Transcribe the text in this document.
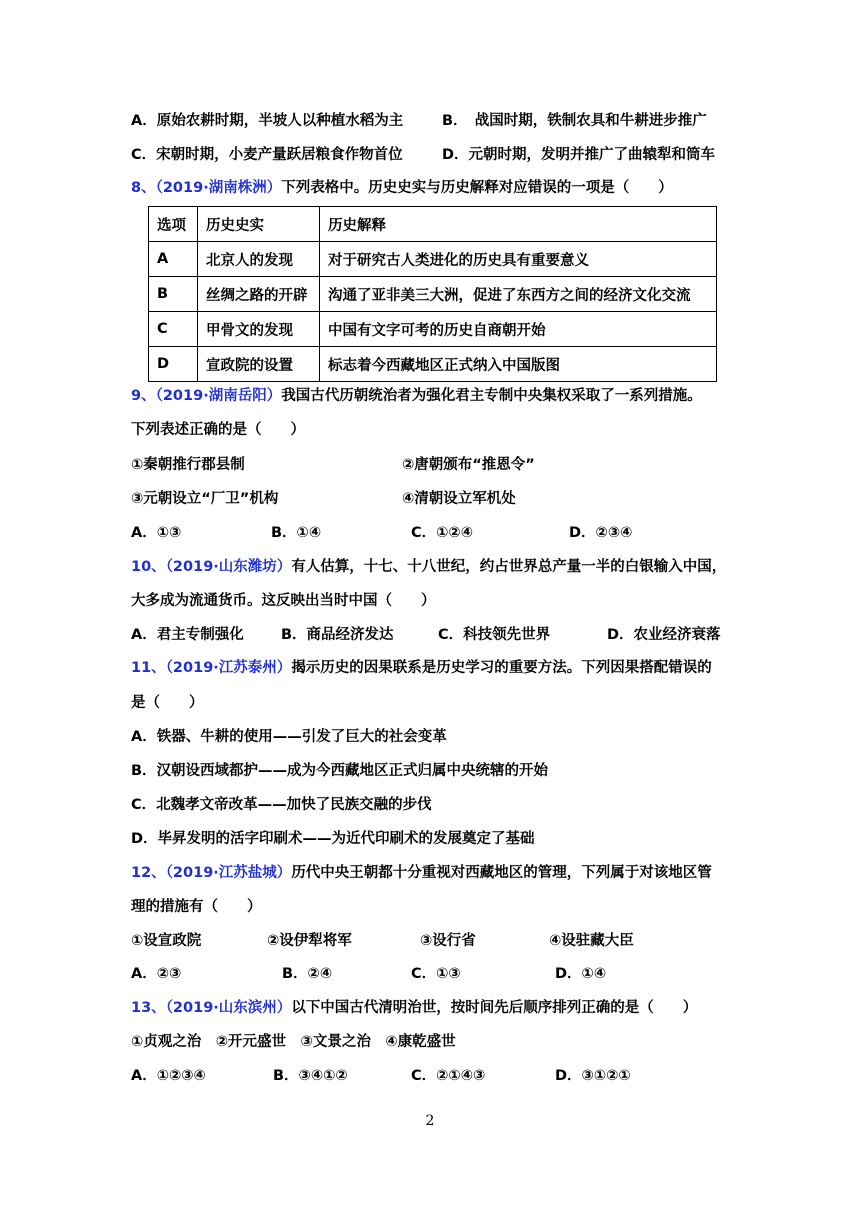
A．原始农耕时期，半坡人以种植水稻为主	B．　战国时期，铁制农具和牛耕进步推广
C．宋朝时期，小麦产量跃居粮食作物首位	D．元朝时期，发明并推广了曲辕犁和筒车
8、（2019·湖南株洲）下列表格中。历史史实与历史解释对应错误的一项是（　　）
选项	历史史实	历史解释
A	北京人的发现	对于研究古人类进化的历史具有重要意义
B	丝绸之路的开辟	沟通了亚非美三大洲，促进了东西方之间的经济文化交流
C	甲骨文的发现	中国有文字可考的历史自商朝开始
D	宣政院的设置	标志着今西藏地区正式纳入中国版图
9、（2019·湖南岳阳）我国古代历朝统治者为强化君主专制中央集权采取了一系列措施。
下列表述正确的是（　　）
①秦朝推行郡县制	②唐朝颁布“推恩令”
③元朝设立“厂卫”机构	④清朝设立军机处
A．①③	B．①④	C．①②④	D．②③④
10、（2019·山东潍坊）有人估算，十七、十八世纪，约占世界总产量一半的白银输入中国，
大多成为流通货币。这反映出当时中国（　　）
A．君主专制强化	B．商品经济发达	C．科技领先世界	D．农业经济衰落
11、（2019·江苏泰州）揭示历史的因果联系是历史学习的重要方法。下列因果搭配错误的
是（　　）
A．铁器、牛耕的使用——引发了巨大的社会变革
B．汉朝设西域都护——成为今西藏地区正式归属中央统辖的开始
C．北魏孝文帝改革——加快了民族交融的步伐
D．毕昇发明的活字印刷术——为近代印刷术的发展奠定了基础
12、（2019·江苏盐城）历代中央王朝都十分重视对西藏地区的管理，下列属于对该地区管
理的措施有（　　）
①设宣政院	②设伊犁将军	③设行省	④设驻藏大臣
A．②③	B．②④	C．①③	D．①④
13、（2019·山东滨州）以下中国古代清明治世，按时间先后顺序排列正确的是（　　）
①贞观之治　②开元盛世　③文景之治　④康乾盛世
A．①②③④	B．③④①②	C．②①④③	D．③①②①
2
